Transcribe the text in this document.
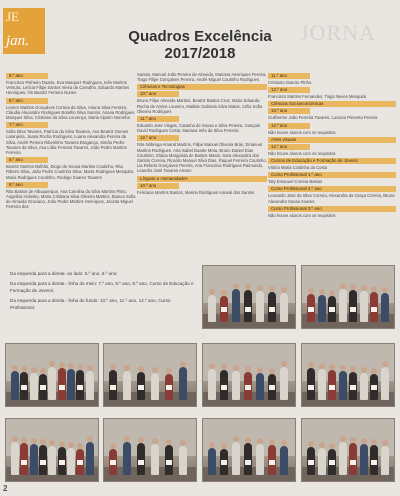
JE
jan.	JORNA
Quadros Excelência
2017/2018
5.º ano
Francisco Pinheiro Duarte, Eva Marquez Rodrigues, Inês Martins Ventura, Letícia Filipe Santos Vieira de Carvalho, Eduardo Martins Henriques, Íris Beatriz Ferreira Nunes
6.º ano
Leonor Martins Gonçalves Correia da Silva, Ariana Silva Ferreira, Cláudia Alexandre Rodrigues Botelho Silva Santos, Ariana Rodrigues Marques Silva, Cristiano da Silva Lourenço, Maria Alpoim Noronha
7.º ano
Sofia Silva Tavares, Patrícia da Silva Tavares, Ana Beatriz Gomes Laranjeira, Joana Rocha Rodrigues, Luana Alexandra Pereira da Silva, André Pereira Ribeirinho Tavares Bragança, Simão Pedro Tavares da Silva, Ana Lídia Ferreira Tavares, João Pedro Martins Ferreira
8.º ano
Beatriz Martins Bolhão, Diogo de Sousa Martins Coutinho, Rita Ribeiro Silva, João Pedro Coutinho Silva, Marta Rodrigues Mesquita, Maria Rodrigues Coutinho, Rodrigo Soares Tavares
9.º ano
Rita Bastos de Albuquerque, Ana Carolina da Silva Martins Pinto, Angelina Holovko, Maria Cristiana Silva Oliveira Martins, Bianca Sofia de Almeida Graciano, João Pedro Martins Henriques, Jacinta Miguel Ferreira dos
Santos, Manuel João Pereira de Almeida, Mariana Henriques Pereira, Tiago Filipe Gonçalves Pereira, André Miguel Coutinho Rodrigues
Ciências e Tecnologias
10.º ano
Bruno Filipe Almeida Martins, Beatriz Bastos Cruz, Maria Eduarda Rocha de Arvins Loureiro, Matilde Gabriela Silva Matos, Célia Sofia Oliveira Rodrigues
11.º ano
Eduardo José Viegas, Catarina de Sousa e Silva Pereira, Gonçalo David Rodrigues Costa, Mariana Inês da Silva Ferreira
12.º ano
Rita Nóbrega Amaral Martins, Filipe Manuel Oliveira Brás, Emanuel Martins Rodrigues, Ana Isabel Duarte Mota, Bruno Daniel Dias Coutinho, Eliana Margarida de Bastos Matos, Sara Alexandra dos Santos Correia, Ricardo Manuel Silva Dias, Raquel Ferreira Coutinho, Lia Rebelo Gonçalves Pereira, Ana Francisca Rodrigues Raimundo, Leandro José Tavares Amaro
Línguas e Humanidades
10.º ano
Feliciana Martins Bastos, Marina Rodrigues Amaral dos Santos
11.º ano
Cristiano Outeiro Pinho
12.º ano
Francisco Martins Fernandes, Tiago Neves Mesquita
Ciências Socioeconómicas
10.º ano
Guilherme João Ferreira Tavares, Luciano Pimenta Pereira
12.º ano
Não houve alunos com os requisitos
Artes visuais
12.º ano
Não houve alunos com os requisitos
Cursos de Educação e Formação de Jovens
Vitória Maria Costinha da Costa
Curso Profissional 1.º ano
Taty Emanuel Correia Bastos
Curso Profissional 2.º ano
Leonardo José da Silva Correia, Alexandra da Graça Correia, Bruna Alexandra Sousa Soares
Curso Profissional 3.º ano
Não houve alunos com os requisitos

Da esquerda para a direita- ao lado: 5.º ano, 6.º ano;

Da esquerda para a direita - linha do meio: 7.º ano, 8.º ano, 9.º ano, Curso de Educação e Formação de Jovens;

Da esquerda para a direita - linha do fundo: 10.º ano, 11.º ano, 12.º ano, Curso Profissional.

2
